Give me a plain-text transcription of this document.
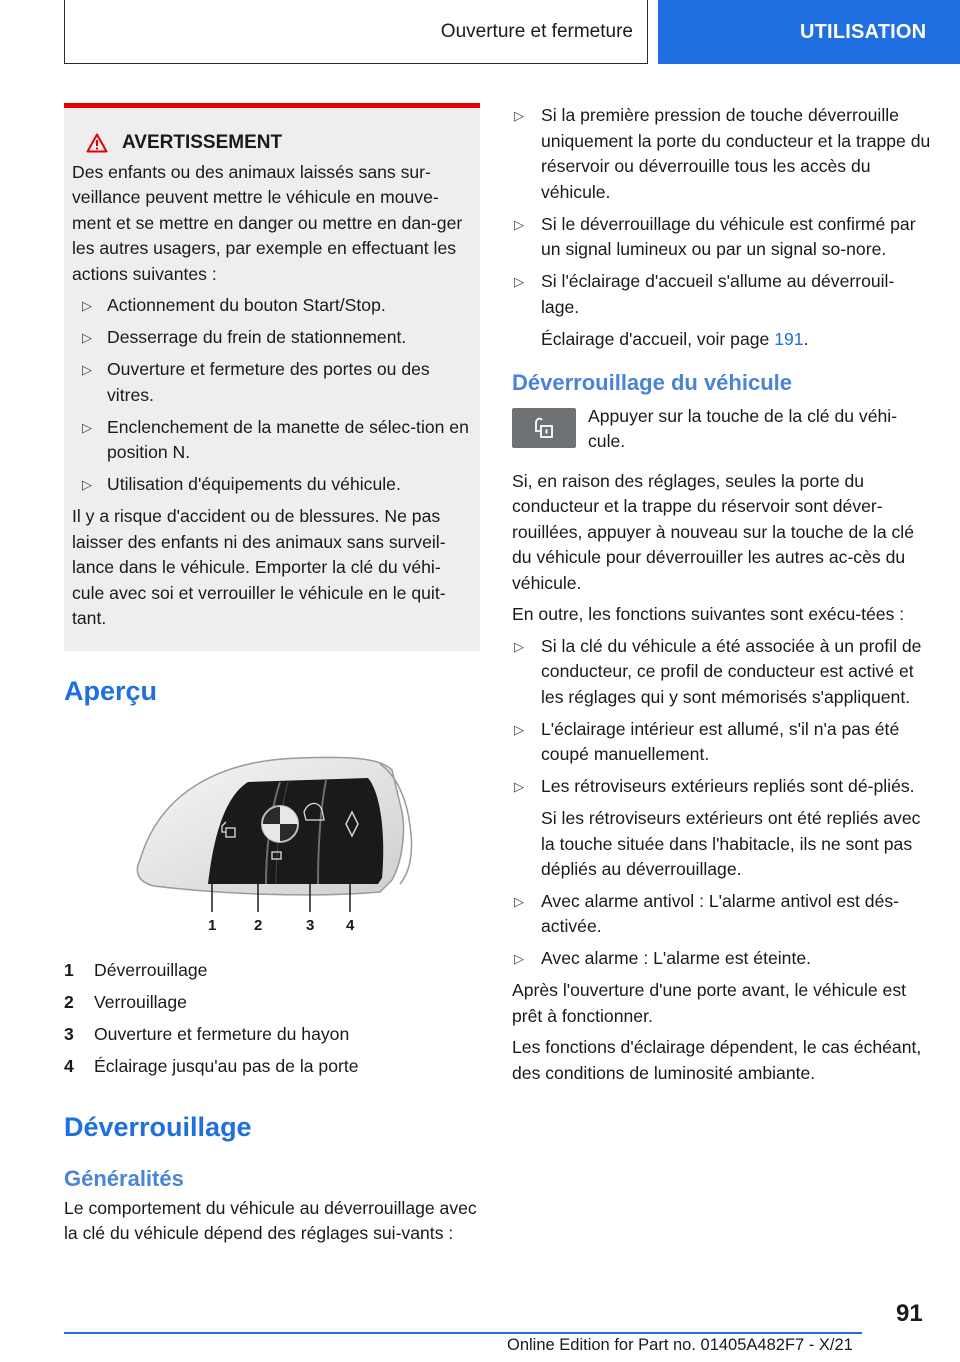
Ouverture et fermeture	UTILISATION
AVERTISSEMENT

Des enfants ou des animaux laissés sans sur-veillance peuvent mettre le véhicule en mouve-ment et se mettre en danger ou mettre en dan-ger les autres usagers, par exemple en effectuant les actions suivantes :

▷ Actionnement du bouton Start/Stop.
▷ Desserrage du frein de stationnement.
▷ Ouverture et fermeture des portes ou des vitres.
▷ Enclenchement de la manette de sélec-tion en position N.
▷ Utilisation d'équipements du véhicule.

Il y a risque d'accident ou de blessures. Ne pas laisser des enfants ni des animaux sans surveil-lance dans le véhicule. Emporter la clé du véhi-cule avec soi et verrouiller le véhicule en le quit-tant.

Aperçu
1	2	3 4
1	Déverrouillage
2	Verrouillage
3	Ouverture et fermeture du hayon
4	Éclairage jusqu'au pas de la porte
Déverrouillage
Généralités
Le comportement du véhicule au déverrouillage avec la clé du véhicule dépend des réglages sui-vants :
▷ Si la première pression de touche déverrouille uniquement la porte du conducteur et la trappe du réservoir ou déverrouille tous les accès du véhicule.
▷ Si le déverrouillage du véhicule est confirmé par un signal lumineux ou par un signal so-nore.
▷ Si l'éclairage d'accueil s'allume au déverrouil-lage.

Éclairage d'accueil, voir page 191.

Déverrouillage du véhicule
Appuyer sur la touche de la clé du véhi-cule.

Si, en raison des réglages, seules la porte du conducteur et la trappe du réservoir sont déver-rouillées, appuyer à nouveau sur la touche de la clé du véhicule pour déverrouiller les autres ac-cès du véhicule.

En outre, les fonctions suivantes sont exécu-tées :

▷ Si la clé du véhicule a été associée à un profil de conducteur, ce profil de conducteur est activé et les réglages qui y sont mémorisés s'appliquent.
▷ L'éclairage intérieur est allumé, s'il n'a pas été coupé manuellement.
▷ Les rétroviseurs extérieurs repliés sont dé-pliés.

Si les rétroviseurs extérieurs ont été repliés avec la touche située dans l'habitacle, ils ne sont pas dépliés au déverrouillage.

▷ Avec alarme antivol : L'alarme antivol est dés-activée.
▷ Avec alarme : L'alarme est éteinte.

Après l'ouverture d'une porte avant, le véhicule est prêt à fonctionner.

Les fonctions d'éclairage dépendent, le cas échéant, des conditions de luminosité ambiante.

91
Online Edition for Part no. 01405A482F7 - X/21
